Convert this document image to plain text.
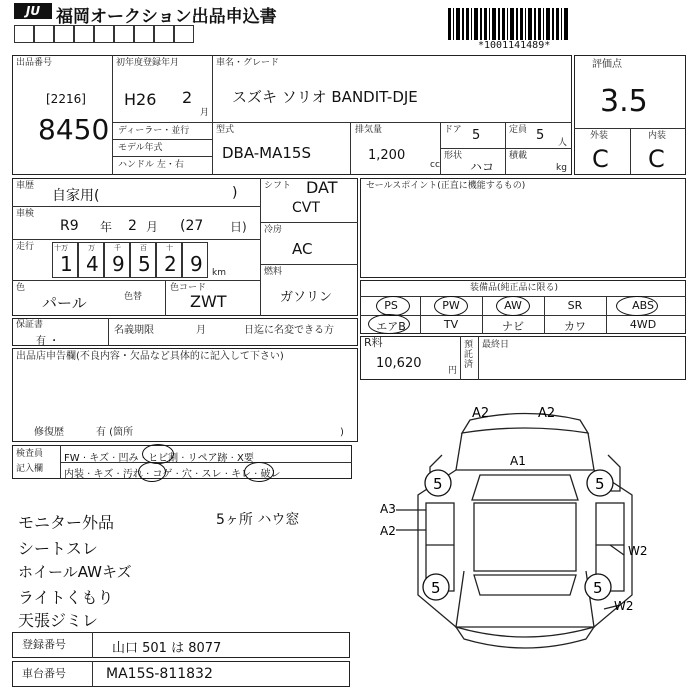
JU 福岡オークション出品申込書
*1001141489*
出品番号
[2216]
8450
初年度登録年月
H26 2
月
ディーラー・並行
モデル年式
ハンドル 左・右
車名・グレード
スズキ ソリオ BANDIT-DJE
型式
DBA-MA15S
排気量
1,200
cc
ドア 5	定員 5 人
形状
ハコ
積載
kg
評価点
3.5
外装	内装
C C
車歴
自家用(	)
車検
R9 年 2 月 (27 日)
走行	十万	万	千	百	十
1 4 9 5 2 9 km
色
パール	色替
色コード
ZWT
シフト DAT
CVT
冷房
AC
燃料
ガソリン
セールスポイント(正直に機能するもの)
装備品(純正品に限る)
PS	PW	AW	SR	ABS
エアB	TV	ナビ	カワ	4WD
保証書
有 ・
名義期限	月	日迄に名変できる方
R料
10,620	円
預託済
最終日
出品店申告欄(不良内容・欠品など具体的に記入して下さい)
修復歴	有 (箇所	)
検査員
記入欄
FW · キズ · 凹み · ヒビ割 · リペア跡 · X要
内装 · キズ · 汚れ · コゲ · 穴 · スレ · キレ · 破レ
モニター外品
シートスレ
ホイールAWキズ
ライトくもり
天張ジミレ
5ヶ所 ハウ窓
登録番号	山口 501 は 8077
車台番号	MA15S-811832
5	5
5	5
A2	A2
A1
A3
A2
W2
W2
